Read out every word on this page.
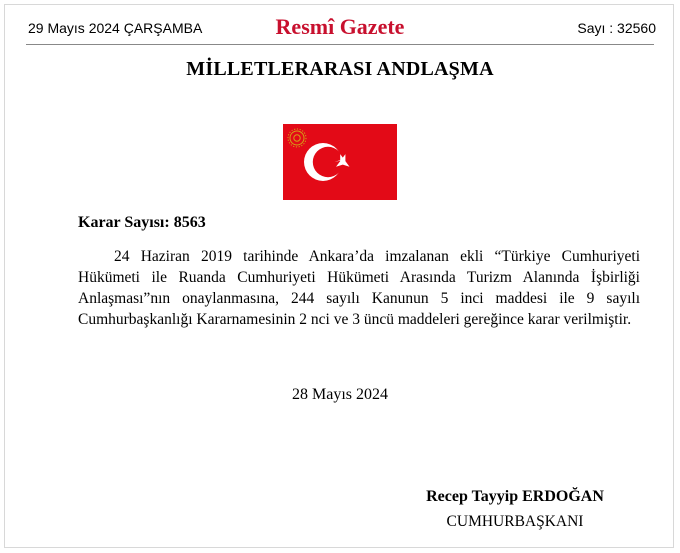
29 Mayıs 2024 ÇARŞAMBA	Resmî Gazete	Sayı : 32560
MİLLETLERARASI ANDLAŞMA
Karar Sayısı: 8563

24 Haziran 2019 tarihinde Ankara’da imzalanan ekli “Türkiye Cumhuriyeti Hükümeti ile Ruanda Cumhuriyeti Hükümeti Arasında Turizm Alanında İşbirliği Anlaşması”nın onaylanmasına, 244 sayılı Kanunun 5 inci maddesi ile 9 sayılı Cumhurbaşkanlığı Kararnamesinin 2 nci ve 3 üncü maddeleri gereğince karar verilmiştir.

28 Mayıs 2024
Recep Tayyip ERDOĞAN
CUMHURBAŞKANI
